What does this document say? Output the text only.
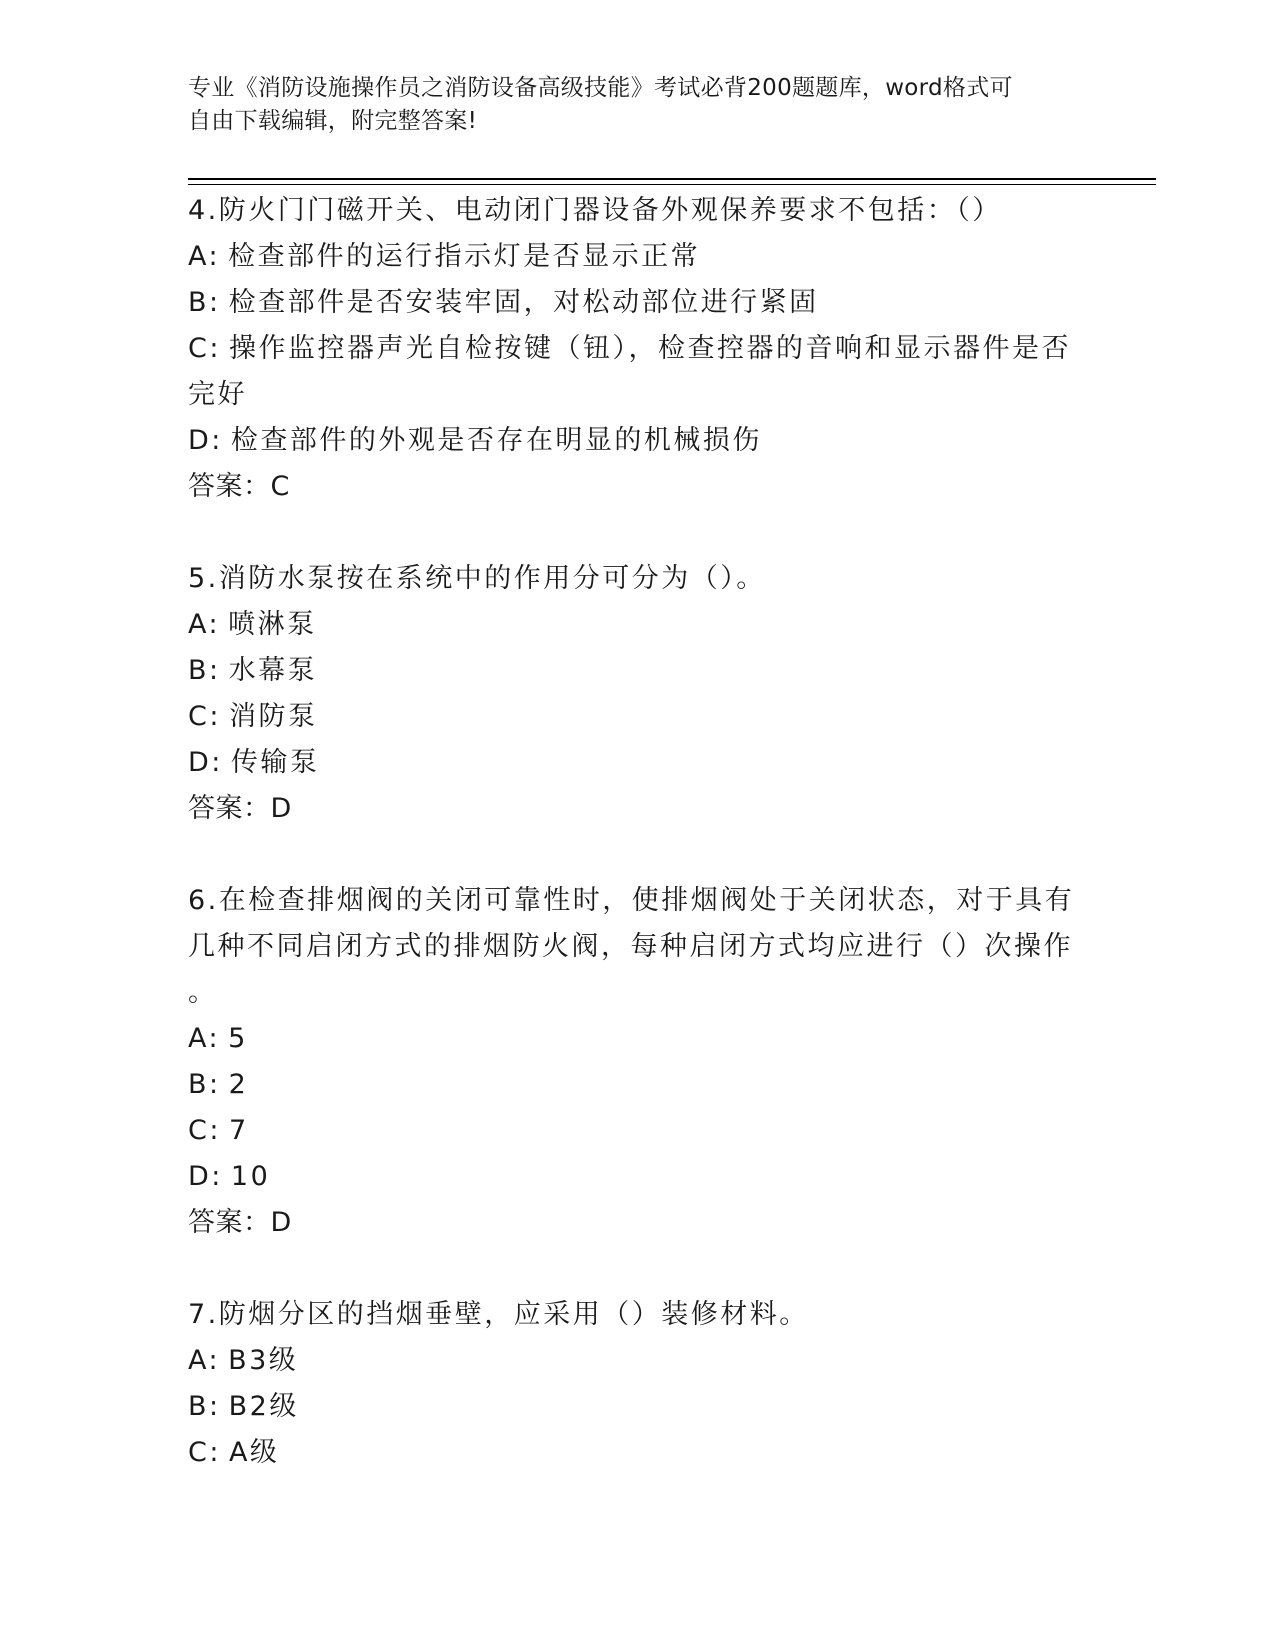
专业《消防设施操作员之消防设备高级技能》考试必背200题题库，word格式可
自由下载编辑，附完整答案!
4.防火门门磁开关、电动闭门器设备外观保养要求不包括：（）
A: 检查部件的运行指示灯是否显示正常
B: 检查部件是否安装牢固，对松动部位进行紧固
C: 操作监控器声光自检按键（钮），检查控器的音响和显示器件是否
完好
D: 检查部件的外观是否存在明显的机械损伤
答案：C
5.消防水泵按在系统中的作用分可分为（）。
A: 喷淋泵
B: 水幕泵
C: 消防泵
D: 传输泵
答案：D
6.在检查排烟阀的关闭可靠性时，使排烟阀处于关闭状态，对于具有
几种不同启闭方式的排烟防火阀，每种启闭方式均应进行（）次操作
。
A: 5
B: 2
C: 7
D: 10
答案：D
7.防烟分区的挡烟垂壁，应采用（）装修材料。
A: B3级
B: B2级
C: A级
